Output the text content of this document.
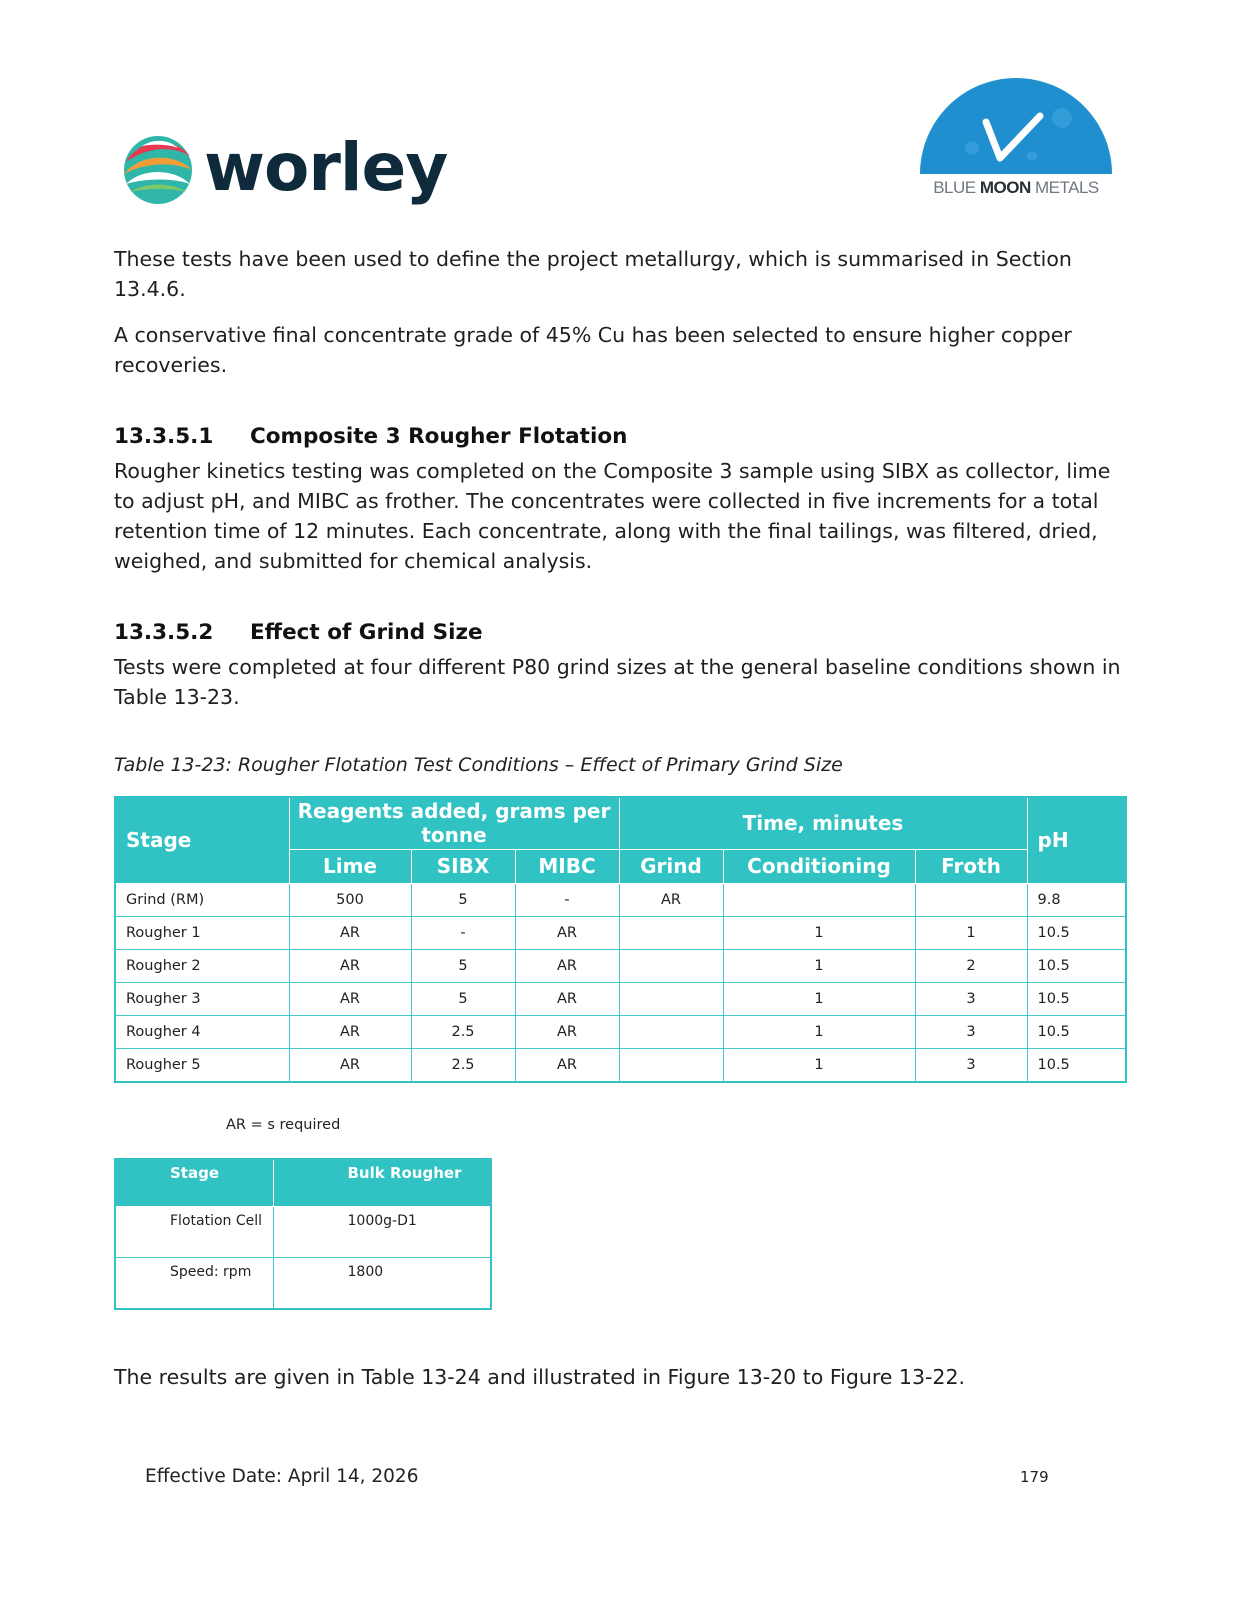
worley	BLUE MOON METALS
These tests have been used to define the project metallurgy, which is summarised in Section 13.4.6.
A conservative final concentrate grade of 45% Cu has been selected to ensure higher copper recoveries.
13.3.5.1 Composite 3 Rougher Flotation
Rougher kinetics testing was completed on the Composite 3 sample using SIBX as collector, lime to adjust pH, and MIBC as frother. The concentrates were collected in five increments for a total retention time of 12 minutes. Each concentrate, along with the final tailings, was filtered, dried, weighed, and submitted for chemical analysis.
13.3.5.2 Effect of Grind Size
Tests were completed at four different P80 grind sizes at the general baseline conditions shown in Table 13-23.
Table 13-23: Rougher Flotation Test Conditions – Effect of Primary Grind Size
Stage	Reagents added, grams per tonne			Time, minutes			pH
	Lime	SIBX	MIBC	Grind	Conditioning	Froth	
Grind (RM)	500	5	-	AR			9.8
Rougher 1	AR	-	AR		1	1	10.5
Rougher 2	AR	5	AR		1	2	10.5
Rougher 3	AR	5	AR		1	3	10.5
Rougher 4	AR	2.5	AR		1	3	10.5
Rougher 5	AR	2.5	AR		1	3	10.5
AR = s required
Stage	Bulk Rougher
Flotation Cell	1000g-D1
Speed: rpm	1800
The results are given in Table 13-24 and illustrated in Figure 13-20 to Figure 13-22.
Effective Date: April 14, 2026	179
